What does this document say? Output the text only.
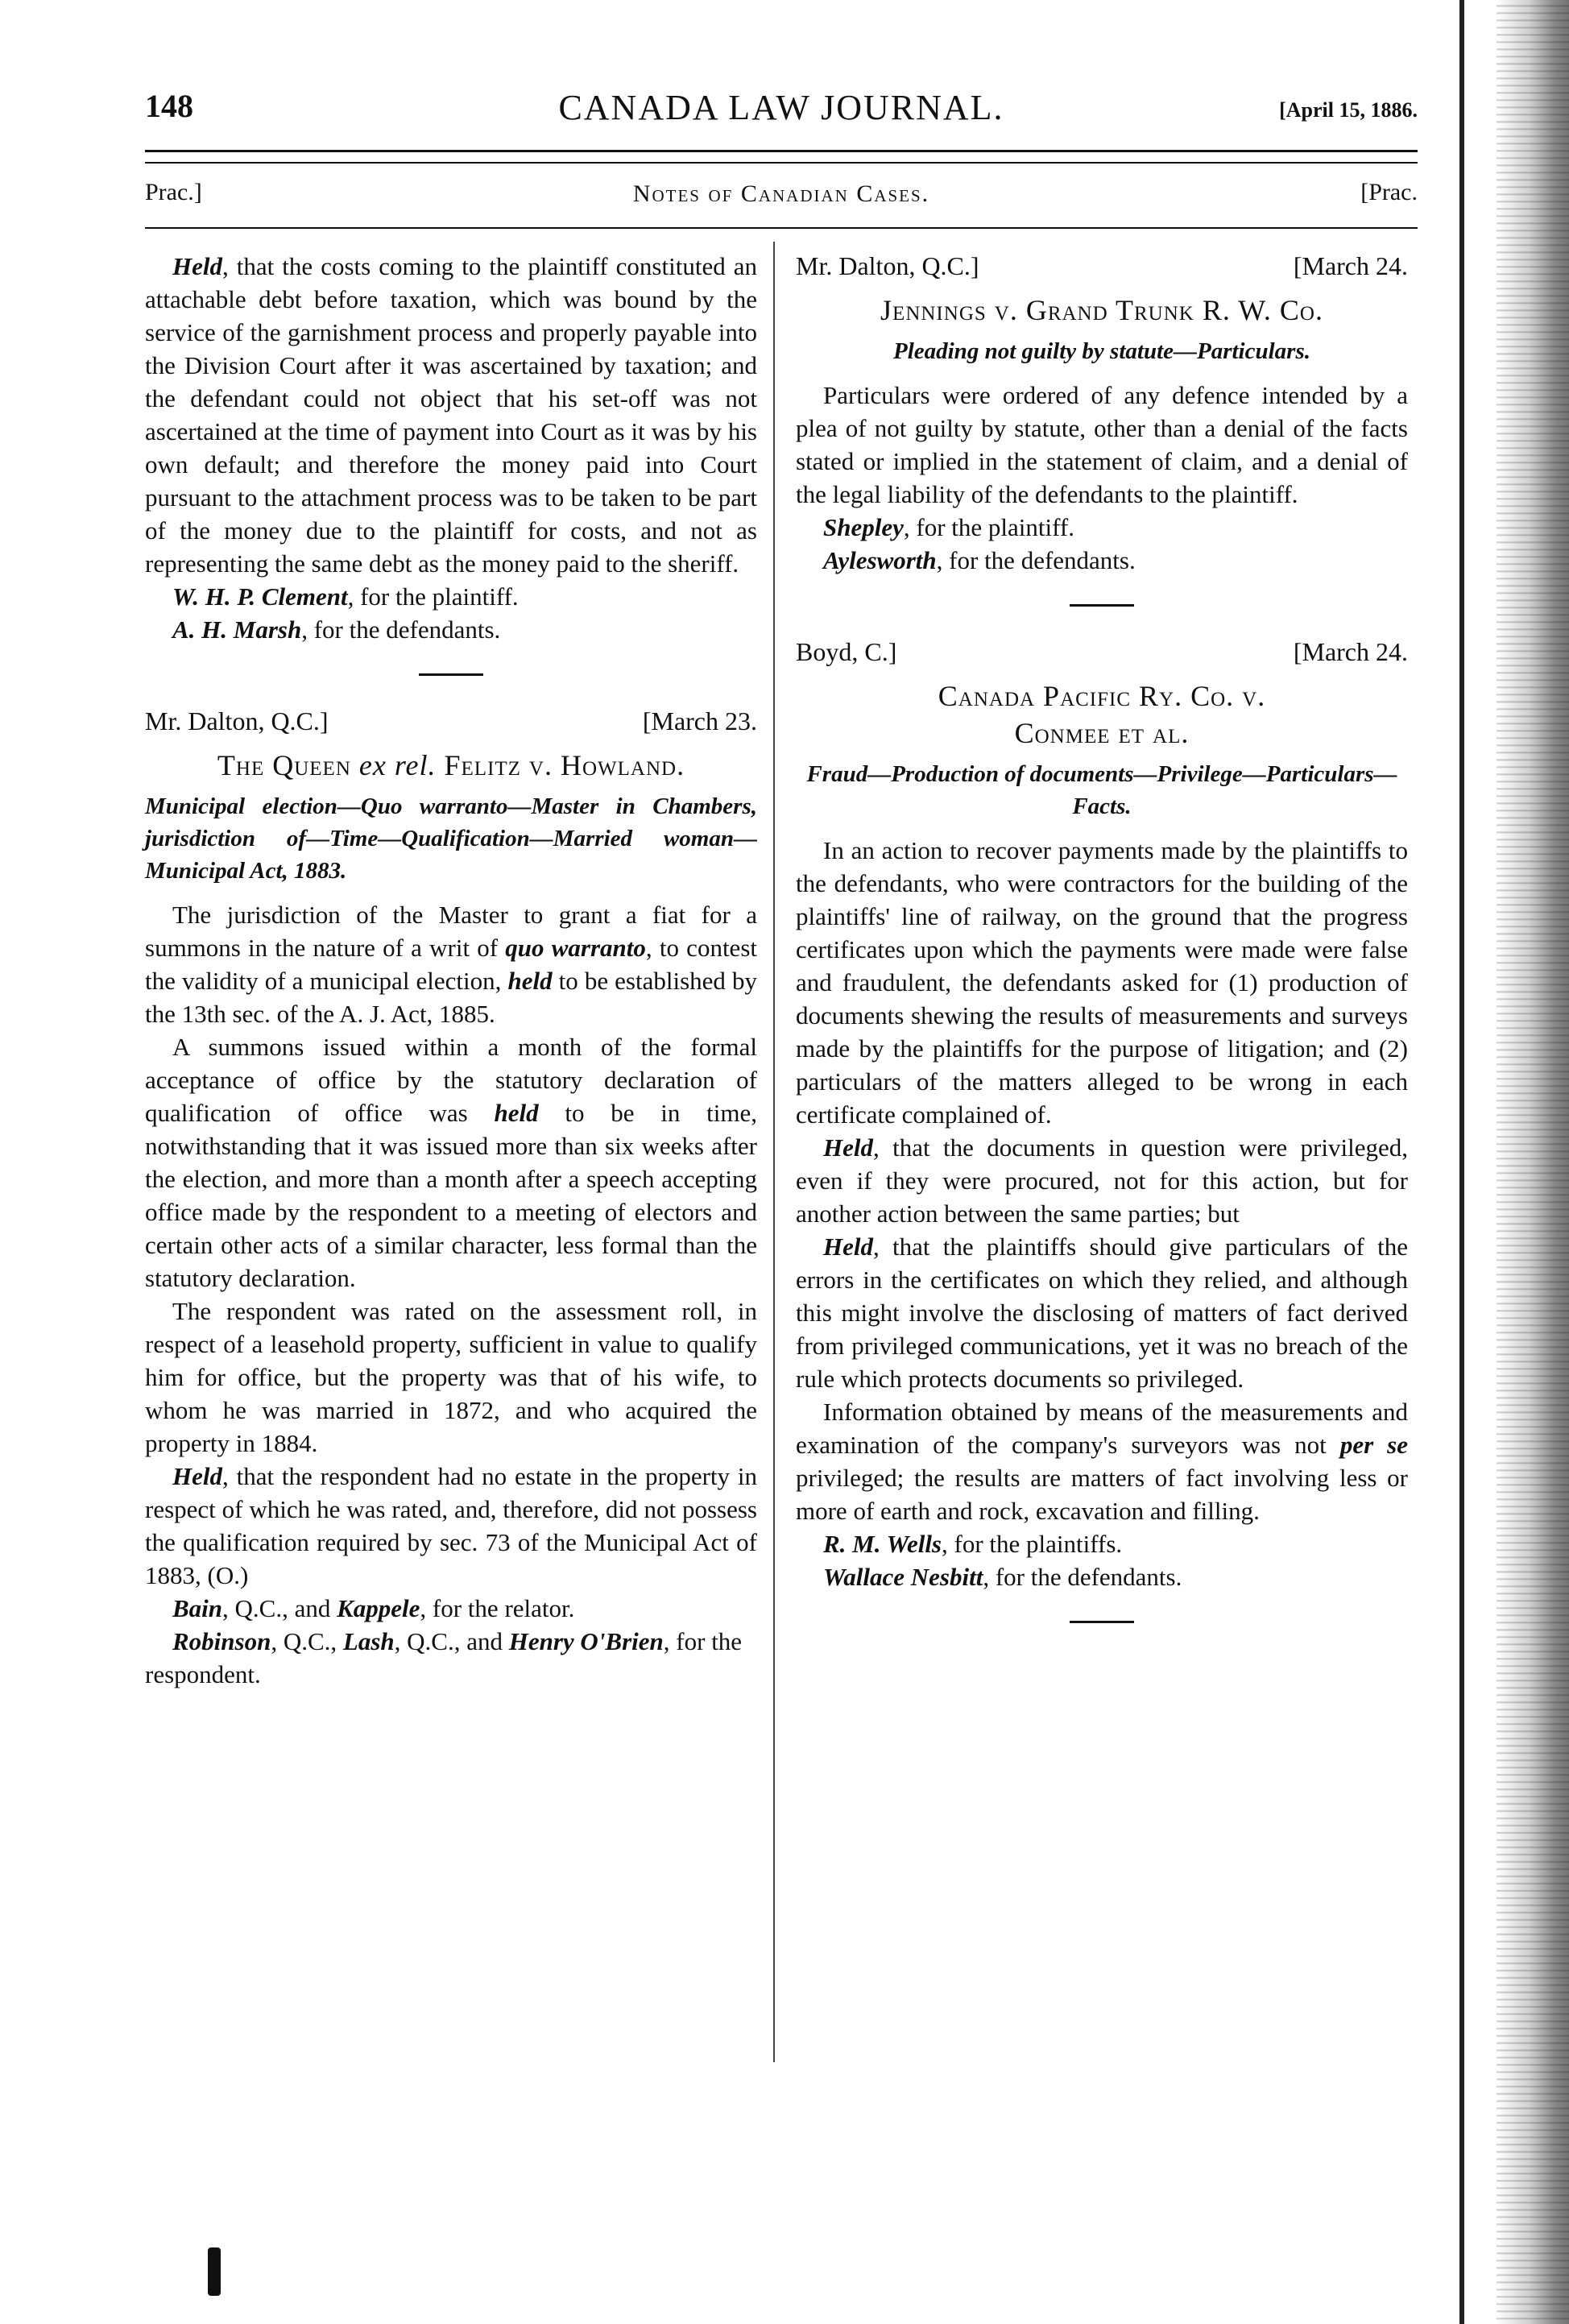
148	CANADA LAW JOURNAL.	[April 15, 1886.
Prac.]	Notes of Canadian Cases.	[Prac.

Held, that the costs coming to the plaintiff constituted an attachable debt before taxation, which was bound by the service of the garnishment process and properly payable into the Division Court after it was ascertained by taxation; and the defendant could not object that his set-off was not ascertained at the time of payment into Court as it was by his own default; and therefore the money paid into Court pursuant to the attachment process was to be taken to be part of the money due to the plaintiff for costs, and not as representing the same debt as the money paid to the sheriff.

W. H. P. Clement, for the plaintiff.

A. H. Marsh, for the defendants.

Mr. Dalton, Q.C.]	[March 23.
The Queen ex rel. Felitz v. Howland.
Municipal election—Quo warranto—Master in Chambers, jurisdiction of—Time—Qualification—Married woman—Municipal Act, 1883.

The jurisdiction of the Master to grant a fiat for a summons in the nature of a writ of quo warranto, to contest the validity of a municipal election, held to be established by the 13th sec. of the A. J. Act, 1885.

A summons issued within a month of the formal acceptance of office by the statutory declaration of qualification of office was held to be in time, notwithstanding that it was issued more than six weeks after the election, and more than a month after a speech accepting office made by the respondent to a meeting of electors and certain other acts of a similar character, less formal than the statutory declaration.

The respondent was rated on the assessment roll, in respect of a leasehold property, sufficient in value to qualify him for office, but the property was that of his wife, to whom he was married in 1872, and who acquired the property in 1884.

Held, that the respondent had no estate in the property in respect of which he was rated, and, therefore, did not possess the qualification required by sec. 73 of the Municipal Act of 1883, (O.)

Bain, Q.C., and Kappele, for the relator.

Robinson, Q.C., Lash, Q.C., and Henry O'Brien, for the respondent.

Mr. Dalton, Q.C.]	[March 24.
Jennings v. Grand Trunk R. W. Co.
Pleading not guilty by statute—Particulars.

Particulars were ordered of any defence intended by a plea of not guilty by statute, other than a denial of the facts stated or implied in the statement of claim, and a denial of the legal liability of the defendants to the plaintiff.

Shepley, for the plaintiff.

Aylesworth, for the defendants.

Boyd, C.]	[March 24.
Canada Pacific Ry. Co. v.
Conmee et al.
Fraud—Production of documents—Privilege—Particulars—Facts.

In an action to recover payments made by the plaintiffs to the defendants, who were contractors for the building of the plaintiffs' line of railway, on the ground that the progress certificates upon which the payments were made were false and fraudulent, the defendants asked for (1) production of documents shewing the results of measurements and surveys made by the plaintiffs for the purpose of litigation; and (2) particulars of the matters alleged to be wrong in each certificate complained of.

Held, that the documents in question were privileged, even if they were procured, not for this action, but for another action between the same parties; but

Held, that the plaintiffs should give particulars of the errors in the certificates on which they relied, and although this might involve the disclosing of matters of fact derived from privileged communications, yet it was no breach of the rule which protects documents so privileged.

Information obtained by means of the measurements and examination of the company's surveyors was not per se privileged; the results are matters of fact involving less or more of earth and rock, excavation and filling.

R. M. Wells, for the plaintiffs.

Wallace Nesbitt, for the defendants.
